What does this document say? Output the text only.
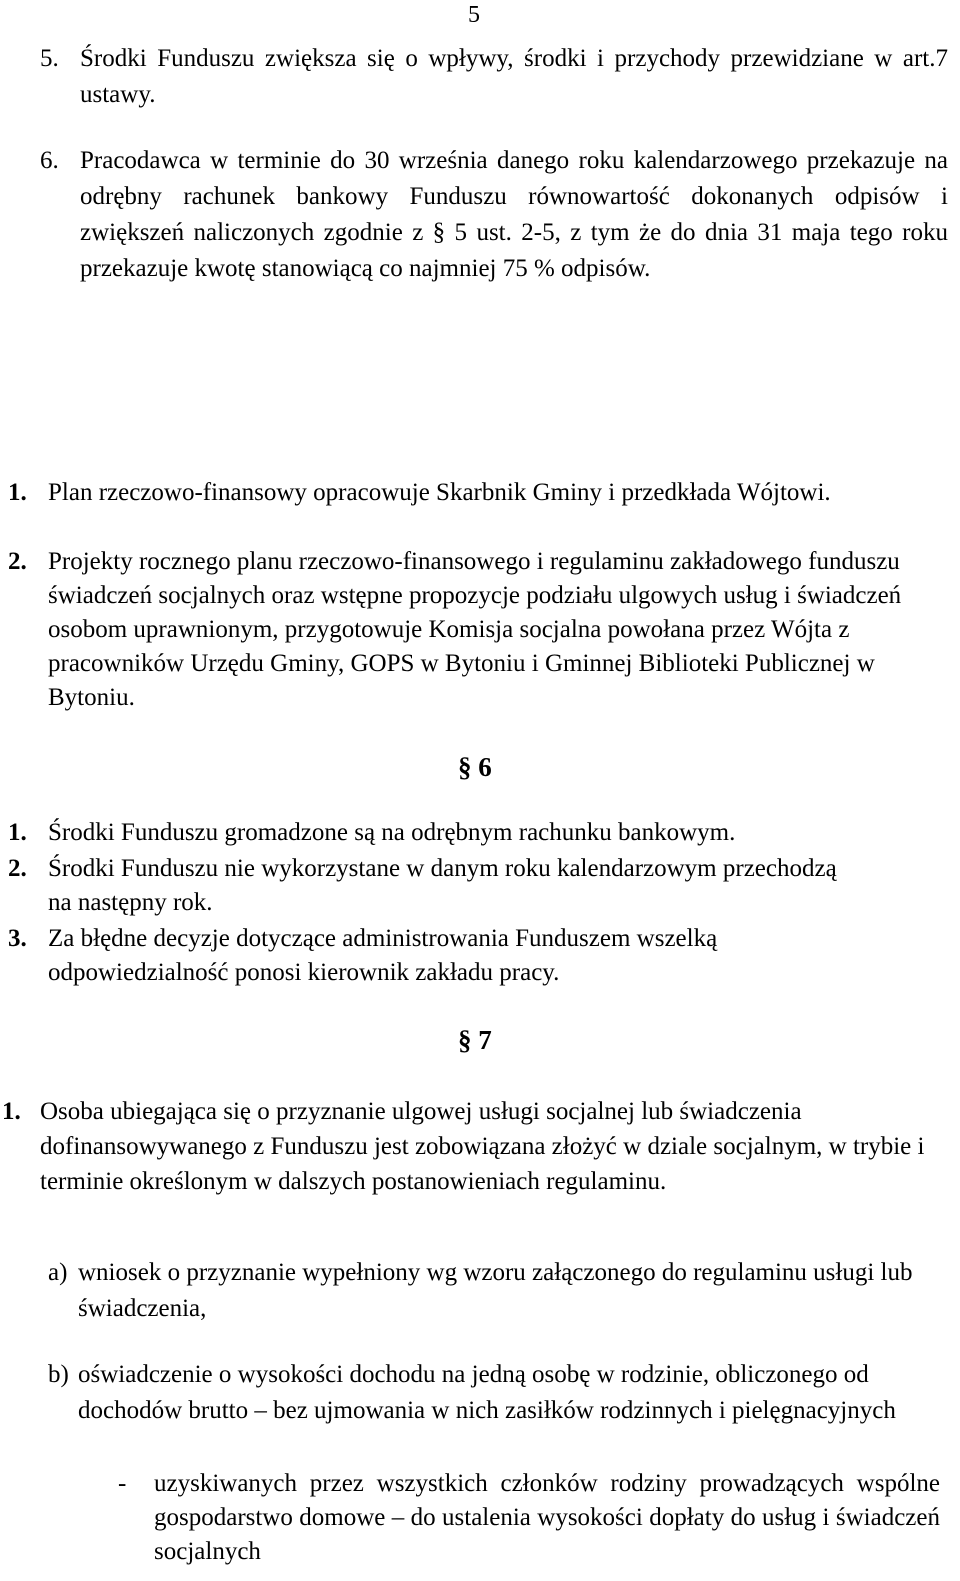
5
5. Środki Funduszu zwiększa się o wpływy, środki i przychody przewidziane w art.7 ustawy.
6. Pracodawca w terminie do 30 września danego roku kalendarzowego przekazuje na odrębny rachunek bankowy Funduszu równowartość dokonanych odpisów i zwiększeń naliczonych zgodnie z § 5 ust. 2-5, z tym że do dnia 31 maja tego roku przekazuje kwotę stanowiącą co najmniej 75 % odpisów.
1. Plan rzeczowo-finansowy opracowuje Skarbnik Gminy i przedkłada Wójtowi.
2. Projekty rocznego planu rzeczowo-finansowego i regulaminu zakładowego funduszu świadczeń socjalnych oraz wstępne propozycje podziału ulgowych usług i świadczeń osobom uprawnionym, przygotowuje Komisja socjalna powołana przez Wójta z pracowników Urzędu Gminy, GOPS w Bytoniu i Gminnej Biblioteki Publicznej w Bytoniu.
§ 6
1. Środki Funduszu gromadzone są na odrębnym rachunku bankowym.
2. Środki Funduszu nie wykorzystane w danym roku kalendarzowym przechodzą na następny rok.
3. Za błędne decyzje dotyczące administrowania Funduszem wszelką odpowiedzialność ponosi kierownik zakładu pracy.
§ 7
1. Osoba ubiegająca się o przyznanie ulgowej usługi socjalnej lub świadczenia dofinansowywanego z Funduszu jest zobowiązana złożyć w dziale socjalnym, w trybie i terminie określonym w dalszych postanowieniach regulaminu.
a) wniosek o przyznanie wypełniony wg wzoru załączonego do regulaminu usługi lub świadczenia,
b) oświadczenie o wysokości dochodu na jedną osobę w rodzinie, obliczonego od dochodów brutto – bez ujmowania w nich zasiłków rodzinnych i pielęgnacyjnych
-	uzyskiwanych przez wszystkich członków rodziny prowadzących wspólne gospodarstwo domowe – do ustalenia wysokości dopłaty do usług i świadczeń socjalnych
